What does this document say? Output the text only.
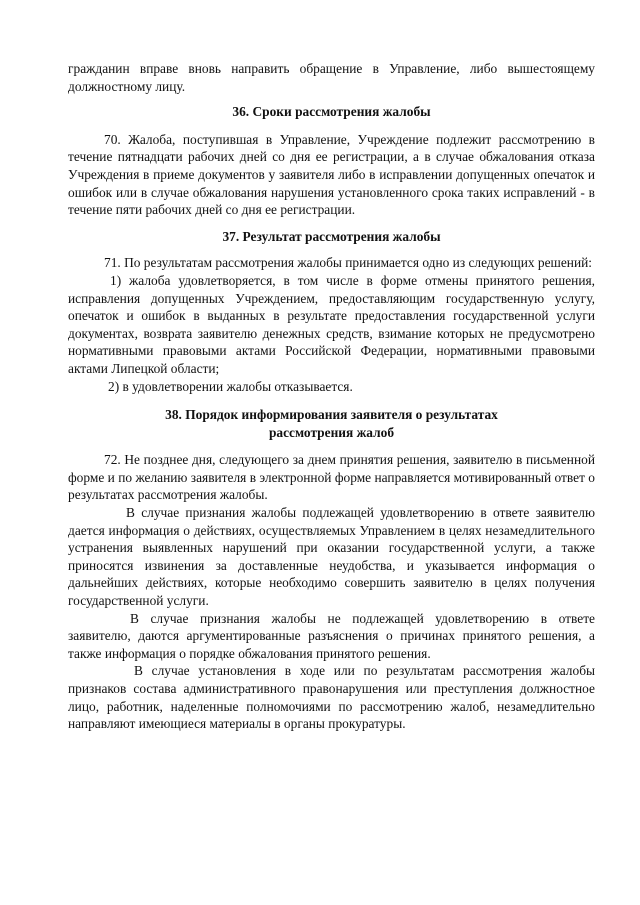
гражданин вправе вновь направить обращение в Управление, либо вышестоящему должностному лицу.

36. Сроки рассмотрения жалобы

70. Жалоба, поступившая в Управление, Учреждение подлежит рассмотрению в течение пятнадцати рабочих дней со дня ее регистрации, а в случае обжалования отказа Учреждения в приеме документов у заявителя либо в исправлении допущенных опечаток и ошибок или в случае обжалования нарушения установленного срока таких исправлений - в течение пяти рабочих дней со дня ее регистрации.

37. Результат рассмотрения жалобы

71. По результатам рассмотрения жалобы принимается одно из следующих решений:

1) жалоба удовлетворяется, в том числе в форме отмены принятого решения, исправления допущенных Учреждением, предоставляющим государственную услугу, опечаток и ошибок в выданных в результате предоставления государственной услуги документах, возврата заявителю денежных средств, взимание которых не предусмотрено нормативными правовыми актами Российской Федерации, нормативными правовыми актами Липецкой области;

2) в удовлетворении жалобы отказывается.

38. Порядок информирования заявителя о результатах
рассмотрения жалоб

72. Не позднее дня, следующего за днем принятия решения, заявителю в письменной форме и по желанию заявителя в электронной форме направляется мотивированный ответ о результатах рассмотрения жалобы.

В случае признания жалобы подлежащей удовлетворению в ответе заявителю дается информация о действиях, осуществляемых Управлением в целях незамедлительного устранения выявленных нарушений при оказании государственной услуги, а также приносятся извинения за доставленные неудобства, и указывается информация о дальнейших действиях, которые необходимо совершить заявителю в целях получения государственной услуги.

В случае признания жалобы не подлежащей удовлетворению в ответе заявителю, даются аргументированные разъяснения о причинах принятого решения, а также информация о порядке обжалования принятого решения.

В случае установления в ходе или по результатам рассмотрения жалобы признаков состава административного правонарушения или преступления должностное лицо, работник, наделенные полномочиями по рассмотрению жалоб, незамедлительно направляют имеющиеся материалы в органы прокуратуры.
